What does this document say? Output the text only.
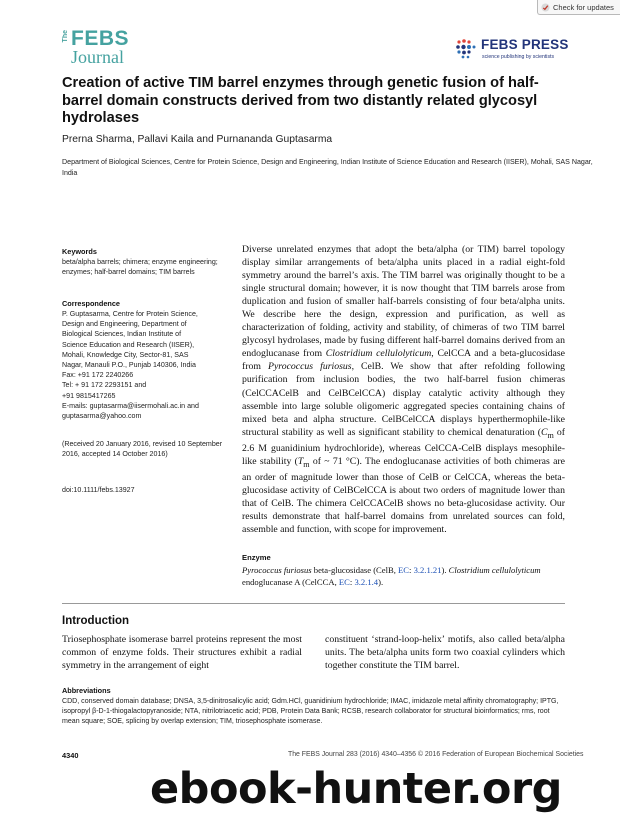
Check for updates
The FEBS
Journal
FEBS PRESS
science publishing by scientists
Creation of active TIM barrel enzymes through genetic fusion of half-barrel domain constructs derived from two distantly related glycosyl hydrolases
Prerna Sharma, Pallavi Kaila and Purnananda Guptasarma
Department of Biological Sciences, Centre for Protein Science, Design and Engineering, Indian Institute of Science Education and Research (IISER), Mohali, SAS Nagar, India
Keywords
beta/alpha barrels; chimera; enzyme engineering; enzymes; half-barrel domains; TIM barrels
Correspondence
P. Guptasarma, Centre for Protein Science,
Design and Engineering, Department of
Biological Sciences, Indian Institute of
Science Education and Research (IISER),
Mohali, Knowledge City, Sector-81, SAS
Nagar, Manauli P.O., Punjab 140306, India
Fax: +91 172 2240266
Tel: + 91 172 2293151 and
+91 9815417265
E-mails: guptasarma@iisermohali.ac.in and
guptasarma@yahoo.com
(Received 20 January 2016, revised 10 September 2016, accepted 14 October 2016)
doi:10.1111/febs.13927

Diverse unrelated enzymes that adopt the beta/alpha (or TIM) barrel topology display similar arrangements of beta/alpha units placed in a radial eight-fold symmetry around the barrel’s axis. The TIM barrel was originally thought to be a single structural domain; however, it is now thought that TIM barrels arose from duplication and fusion of smaller half-barrels consisting of four beta/alpha units. We describe here the design, expression and purification, as well as characterization of folding, activity and stability, of chimeras of two TIM barrel glycosyl hydrolases, made by fusing different half-barrel domains derived from an endoglucanase from Clostridium cellulolyticum, CelCCA and a beta-glucosidase from Pyrococcus furiosus, CelB. We show that after refolding following purification from inclusion bodies, the two half-barrel fusion chimeras (CelCCACelB and CelBCelCCA) display catalytic activity although they assemble into large soluble oligomeric aggregated species containing chains of mixed beta and alpha structure. CelBCelCCA displays hyperthermophile-like structural stability as well as significant stability to chemical denaturation ($C_m$ of 2.6 M guanidinium hydrochloride), whereas CelCCA-CelB displays mesophile-like stability ($T_m$ of ~ 71 °C). The endoglucanase activities of both chimeras are an order of magnitude lower than those of CelB or CelCCA, whereas the beta-glucosidase activity of CelBCelCCA is about two orders of magnitude lower than that of CelB. The chimera CelCCACelB shows no beta-glucosidase activity. Our results demonstrate that half-barrel domains from unrelated sources can fold, assemble and function, with scope for improvement.

Enzyme
Pyrococcus furiosus beta-glucosidase (CelB, EC: 3.2.1.21). Clostridium cellulolyticum endoglucanase A (CelCCA, EC: 3.2.1.4).
Introduction
Triosephosphate isomerase barrel proteins represent the most common of enzyme folds. Their structures exhibit a radial symmetry in the arrangement of eight
constituent ‘strand-loop-helix’ motifs, also called beta/alpha units. The beta/alpha units form two coaxial cylinders which together constitute the TIM barrel.
Abbreviations
CDD, conserved domain database; DNSA, 3,5-dinitrosalicylic acid; Gdm.HCl, guanidinium hydrochloride; IMAC, imidazole metal affinity chromatography; IPTG, isopropyl β-D-1-thiogalactopyranoside; NTA, nitrilotriacetic acid; PDB, Protein Data Bank; RCSB, research collaborator for structural bioinformatics; rms, root mean square; SOE, splicing by overlap extension; TIM, triosephosphate isomerase.
4340	The FEBS Journal 283 (2016) 4340–4356 © 2016 Federation of European Biochemical Societies
ebook-hunter.org
